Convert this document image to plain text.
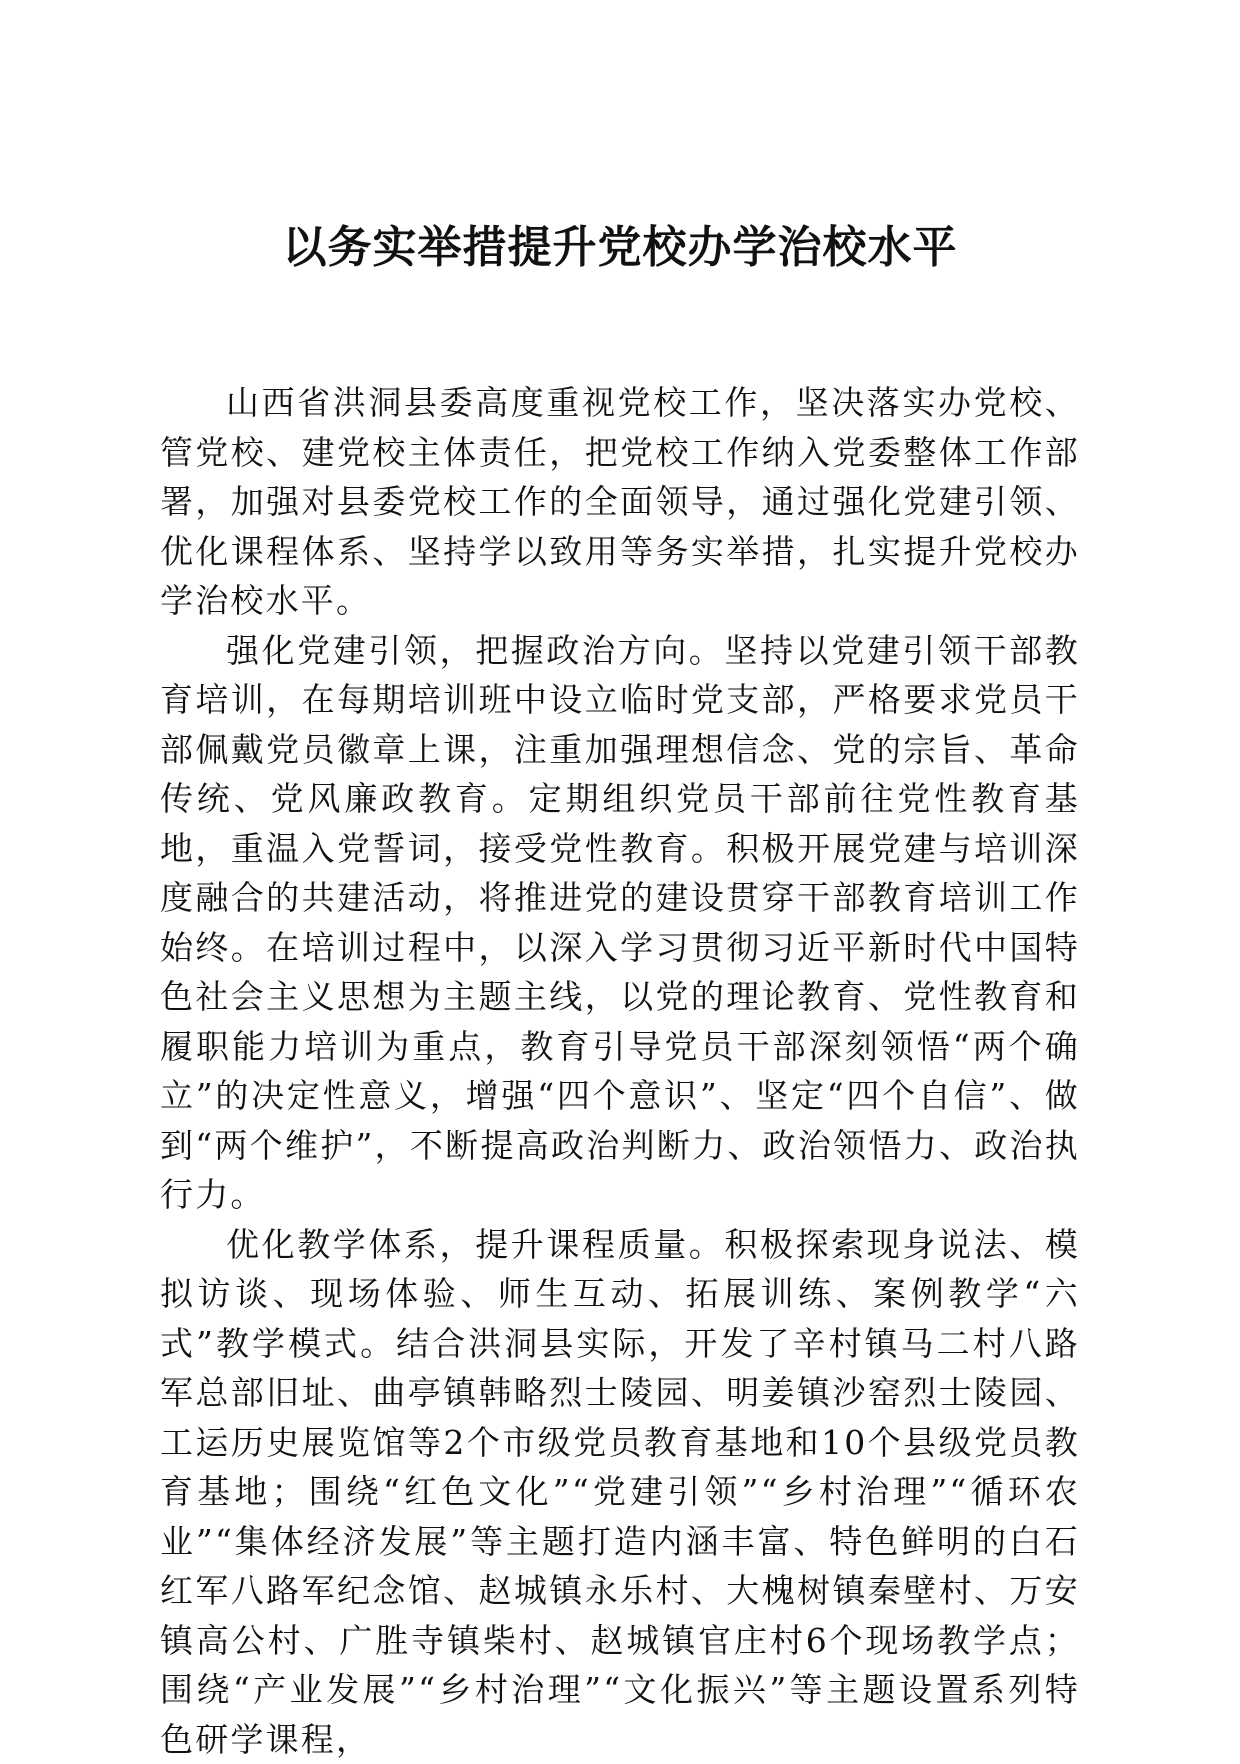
以务实举措提升党校办学治校水平

山西省洪洞县委高度重视党校工作，坚决落实办党校、管党校、建党校主体责任，把党校工作纳入党委整体工作部署，加强对县委党校工作的全面领导，通过强化党建引领、优化课程体系、坚持学以致用等务实举措，扎实提升党校办学治校水平。

强化党建引领，把握政治方向。坚持以党建引领干部教育培训，在每期培训班中设立临时党支部，严格要求党员干部佩戴党员徽章上课，注重加强理想信念、党的宗旨、革命传统、党风廉政教育。定期组织党员干部前往党性教育基地，重温入党誓词，接受党性教育。积极开展党建与培训深度融合的共建活动，将推进党的建设贯穿干部教育培训工作始终。在培训过程中，以深入学习贯彻习近平新时代中国特色社会主义思想为主题主线，以党的理论教育、党性教育和履职能力培训为重点，教育引导党员干部深刻领悟“两个确立”的决定性意义，增强“四个意识”、坚定“四个自信”、做到“两个维护”，不断提高政治判断力、政治领悟力、政治执行力。

优化教学体系，提升课程质量。积极探索现身说法、模拟访谈、现场体验、师生互动、拓展训练、案例教学“六式”教学模式。结合洪洞县实际，开发了辛村镇马二村八路军总部旧址、曲亭镇韩略烈士陵园、明姜镇沙窑烈士陵园、工运历史展览馆等2个市级党员教育基地和10个县级党员教育基地；围绕“红色文化”“党建引领”“乡村治理”“循环农业”“集体经济发展”等主题打造内涵丰富、特色鲜明的白石红军八路军纪念馆、赵城镇永乐村、大槐树镇秦壁村、万安镇高公村、广胜寺镇柴村、赵城镇官庄村6个现场教学点；围绕“产业发展”“乡村治理”“文化振兴”等主题设置系列特色研学课程，
